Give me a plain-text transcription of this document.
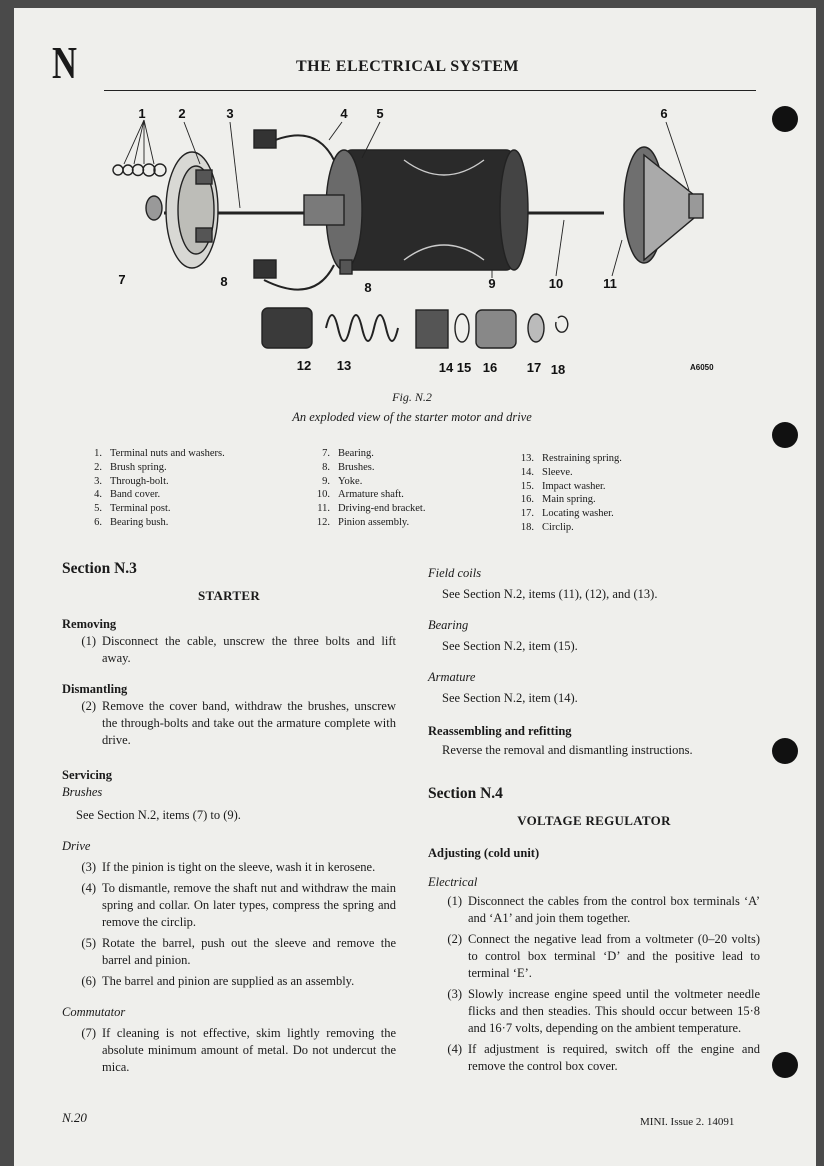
N	THE ELECTRICAL SYSTEM
1	2	3	4 5	6
7	8	8	9	10	11
12 13	14 15 16 17 18	A6050
Fig. N.2
An exploded view of the starter motor and drive
1. Terminal nuts and washers.
2. Brush spring.
3. Through-bolt.
4. Band cover.
5. Terminal post.
6. Bearing bush.
7. Bearing.
8. Brushes.
9. Yoke.
10. Armature shaft.
11. Driving-end bracket.
12. Pinion assembly.
13. Restraining spring.
14. Sleeve.
15. Impact washer.
16. Main spring.
17. Locating washer.
18. Circlip.
Section N.3
STARTER
Removing
(1) Disconnect the cable, unscrew the three bolts and lift away.
Dismantling
(2) Remove the cover band, withdraw the brushes, unscrew the through-bolts and take out the armature complete with drive.
Servicing
Brushes
See Section N.2, items (7) to (9).
Drive
(3) If the pinion is tight on the sleeve, wash it in kerosene.
(4) To dismantle, remove the shaft nut and withdraw the main spring and collar. On later types, compress the spring and remove the circlip.
(5) Rotate the barrel, push out the sleeve and remove the barrel and pinion.
(6) The barrel and pinion are supplied as an assembly.
Commutator
(7) If cleaning is not effective, skim lightly removing the absolute minimum amount of metal. Do not undercut the mica.
Field coils
See Section N.2, items (11), (12), and (13).
Bearing
See Section N.2, item (15).
Armature
See Section N.2, item (14).
Reassembling and refitting
Reverse the removal and dismantling instructions.
Section N.4
VOLTAGE REGULATOR
Adjusting (cold unit)
Electrical
(1) Disconnect the cables from the control box terminals ‘A’ and ‘A1’ and join them together.
(2) Connect the negative lead from a voltmeter (0–20 volts) to control box terminal ‘D’ and the positive lead to terminal ‘E’.
(3) Slowly increase engine speed until the voltmeter needle flicks and then steadies. This should occur between 15·8 and 16·7 volts, depending on the ambient temperature.
(4) If adjustment is required, switch off the engine and remove the control box cover.
N.20	MINI. Issue 2. 14091
